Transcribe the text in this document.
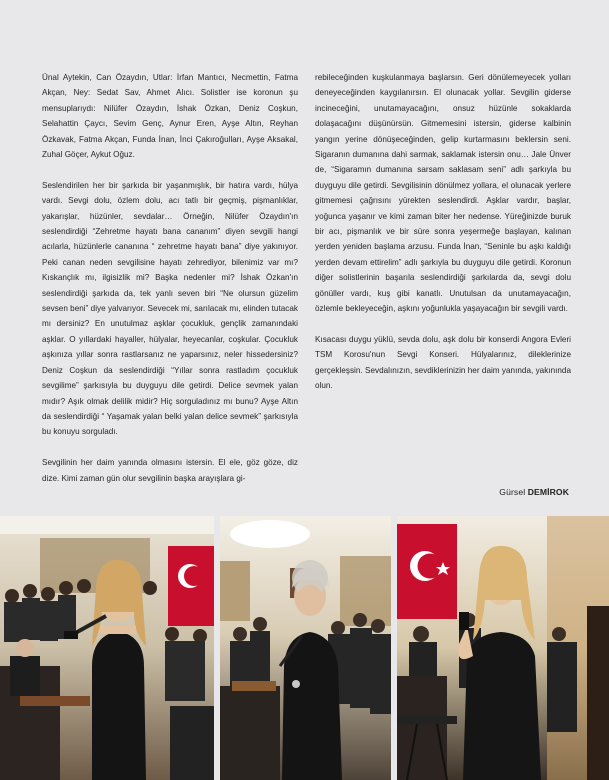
Ünal Aytekin, Can Özaydın, Utlar: İrfan Mantıcı, Necmettin, Fatma Akçan, Ney: Sedat Sav, Ahmet Alıcı. Solistler ise koronun şu mensuplarıydı: Nilüfer Özaydın, İshak Özkan, Deniz Coşkun, Selahattin Çaycı, Sevim Genç, Aynur Eren, Ayşe Altın, Reyhan Özkavak, Fatma Akçan, Funda İnan, İnci Çakıroğulları, Ayşe Aksakal, Zuhal Göçer, Aykut Oğuz.

Seslendirilen her bir şarkıda bir yaşanmışlık, bir hatıra vardı, hülya vardı. Sevgi dolu, özlem dolu, acı tatlı bir geçmiş, pişmanlıklar, yakarışlar, hüzünler, sevdalar… Örneğin, Nilüfer Özaydın'ın seslendirdiği “Zehretme hayatı bana cananım” diyen sevgili hangi acılarla, hüzünlerle cananına “ zehretme hayatı bana” diye yakınıyor. Peki canan neden sevgilisine hayatı zehrediyor, bilenimiz var mı? Kıskançlık mı, ilgisizlik mi? Başka nedenler mi? İshak Özkan'ın seslendirdiği şarkıda da, tek yanlı seven biri “Ne olursun güzelim sevsen beni” diye yalvarıyor. Sevecek mi, sarılacak mı, elinden tutacak mı dersiniz? En unutulmaz aşklar çocukluk, gençlik zamanındaki aşklar. O yıllardaki hayaller, hülyalar, heyecanlar, coşkular. Çocukluk aşkınıza yıllar sonra rastlarsanız ne yaparsınız, neler hissedersiniz? Deniz Coşkun da seslendirdiği “Yıllar sonra rastladım çocukluk sevgilime” şarkısıyla bu duyguyu dile getirdi. Delice sevmek yalan mıdır? Aşık olmak delilik midir? Hiç sorguladınız mı bunu? Ayşe Altın da seslendirdiği “ Yaşamak yalan belki yalan delice sevmek” şarkısıyla bu konuyu sorguladı.

Sevgilinin her daim yanında olmasını istersin. El ele, göz göze, diz dize. Kimi zaman gün olur sevgilinin başka arayışlara gi-

rebileceğinden kuşkulanmaya başlarsın. Geri dönülemeyecek yolları deneyeceğinden kaygılanırsın. El olunacak yollar. Sevgilin giderse incineceğini, unutamayacağını, onsuz hüzünle sokaklarda dolaşacağını düşünürsün. Gitmemesini istersin, giderse kalbinin yangın yerine dönüşeceğinden, gelip kurtarmasını beklersin seni. Sigaranın dumanına dahi sarmak, saklamak istersin onu… Jale Ünver de, “Sigaramın dumanına sarsam saklasam seni” adlı şarkıyla bu duyguyu dile getirdi. Sevgilisinin dönülmez yollara, el olunacak yerlere gitmemesi çağrısını yürekten seslendirdi. Aşklar vardır, başlar, yoğunca yaşanır ve kimi zaman biter her nedense. Yüreğinizde buruk bir acı, pişmanlık ve bir süre sonra yeşermeğe başlayan, kalınan yerden yeniden başlama arzusu. Funda İnan, “Seninle bu aşkı kaldığı yerden devam ettirelim” adlı şarkıyla bu duyguyu dile getirdi. Koronun diğer solistlerinin başarıla seslendirdiği şarkılarda da, sevgi dolu gönüller vardı, kuş gibi kanatlı. Unutulsan da unutamayacağın, özlemle bekleyeceğin, aşkını yoğunlukla yaşayacağın bir sevgili vardı.

Kısacası duygu yüklü, sevda dolu, aşk dolu bir konserdi Angora Evleri TSM Korosu'nun Sevgi Konseri. Hülyalarınız, dileklerinize gerçekleşsin. Sevdalınızın, sevdiklerinizin her daim yanında, yakınında olun.

Gürsel DEMİROK
